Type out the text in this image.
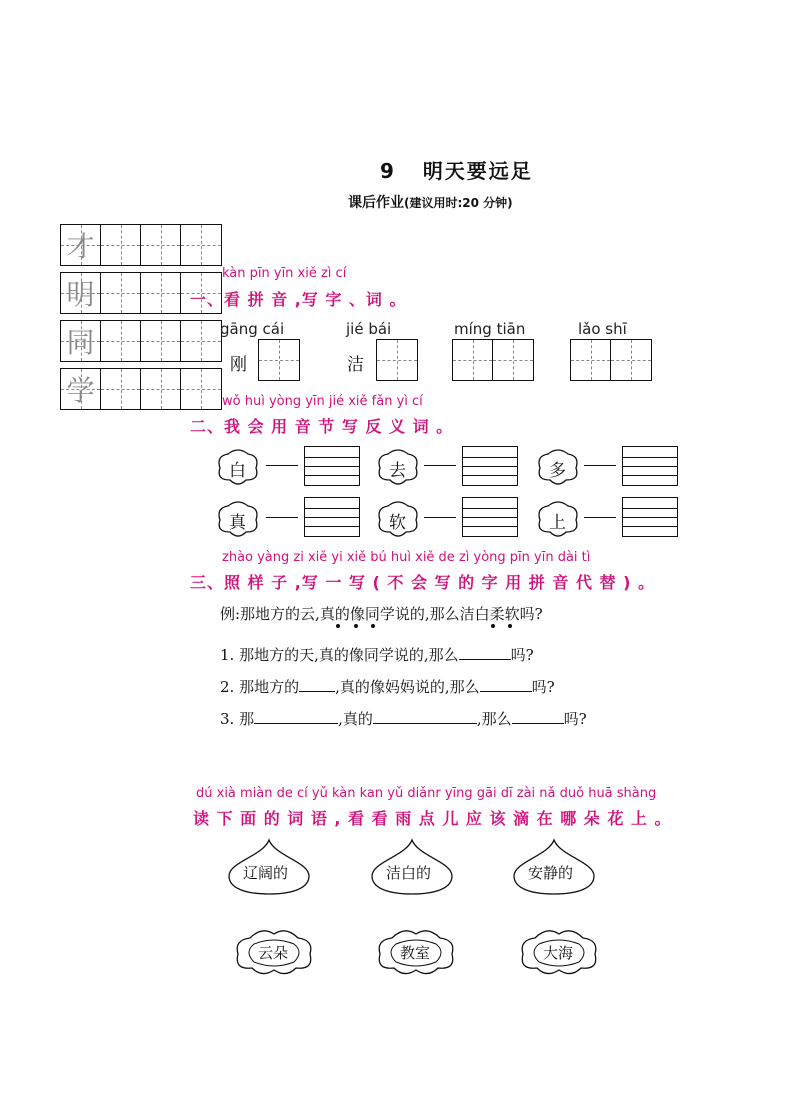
9 明天要远足
课后作业(建议用时:20 分钟)
才
明
同
学
kàn pīn yīn xiě zì cí
一、看 拼 音 ,写 字 、词 。
gāng cái
刚
jié bái
洁
míng tiān	lǎo shī
wǒ huì yòng yīn jié xiě fǎn yì cí
二、我 会 用 音 节 写 反 义 词 。
白	去	多
真	软	上
zhào yàng zi xiě yi xiě bú huì xiě de zì yòng pīn yīn dài tì
三、照 样 子 ,写 一 写 ( 不 会 写 的 字 用 拼 音 代 替 ) 。
例:那地方的云,真的像同学说的,那么洁白柔软吗?
1. 那地方的天,真的像同学说的,那么	吗?
2. 那地方的 ,真的像妈妈说的,那么	吗?
3. 那	,真的	,那么	吗?
dú xià miàn de cí yǔ kàn kan yǔ diǎnr yīng gāi dī zài nǎ duǒ huā shàng
读 下 面 的 词 语 , 看 看 雨 点 儿 应 该 滴 在 哪 朵 花 上 。
辽阔的	洁白的	安静的
云朵	教室	大海
